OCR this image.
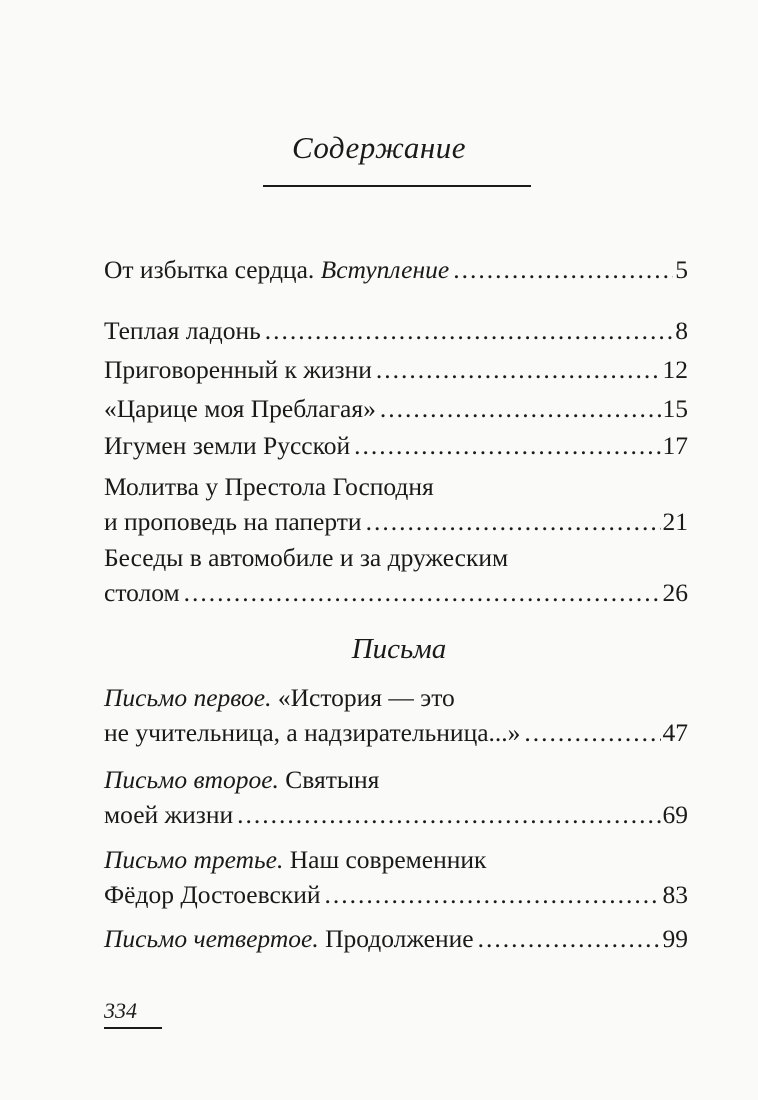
Содержание
От избытка сердца. Вступление .....	5
Теплая ладонь .....	8
Приговоренный к жизни .....	12
«Царице моя Преблагая» .....	15
Игумен земли Русской .....	17
Молитва у Престола Господня
и проповедь на паперти .....	21
Беседы в автомобиле и за дружеским
столом .....	26
Письма
Письмо первое. «История — это
не учительница, а надзирательница...» .....	47
Письмо второе. Святыня
моей жизни .....	69
Письмо третье. Наш современник
Фёдор Достоевский .....	83
Письмо четвертое. Продолжение .....	99
334
